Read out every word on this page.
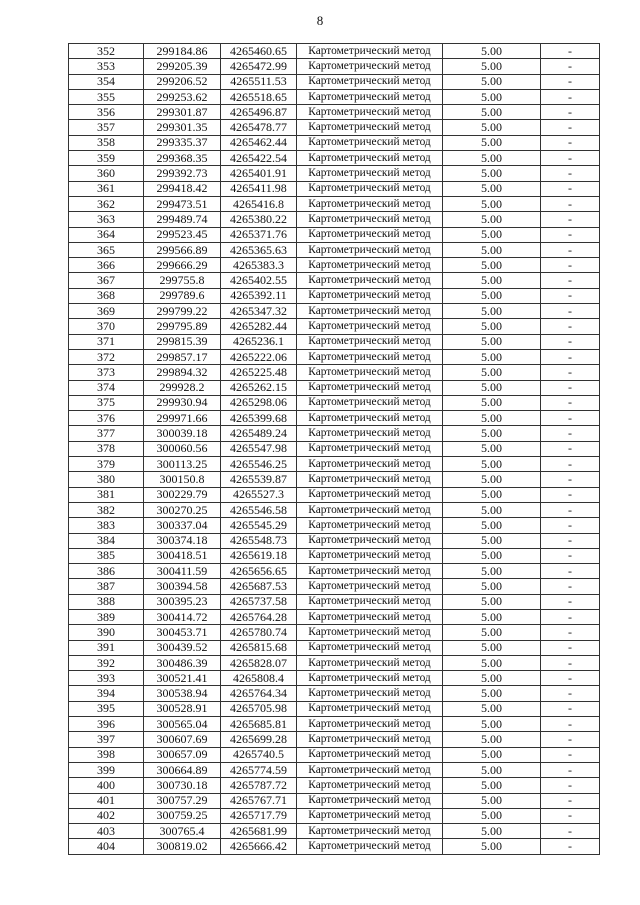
8
352	299184.86	4265460.65	Картометрический метод	5.00	-
353	299205.39	4265472.99	Картометрический метод	5.00	-
354	299206.52	4265511.53	Картометрический метод	5.00	-
355	299253.62	4265518.65	Картометрический метод	5.00	-
356	299301.87	4265496.87	Картометрический метод	5.00	-
357	299301.35	4265478.77	Картометрический метод	5.00	-
358	299335.37	4265462.44	Картометрический метод	5.00	-
359	299368.35	4265422.54	Картометрический метод	5.00	-
360	299392.73	4265401.91	Картометрический метод	5.00	-
361	299418.42	4265411.98	Картометрический метод	5.00	-
362	299473.51	4265416.8	Картометрический метод	5.00	-
363	299489.74	4265380.22	Картометрический метод	5.00	-
364	299523.45	4265371.76	Картометрический метод	5.00	-
365	299566.89	4265365.63	Картометрический метод	5.00	-
366	299666.29	4265383.3	Картометрический метод	5.00	-
367	299755.8	4265402.55	Картометрический метод	5.00	-
368	299789.6	4265392.11	Картометрический метод	5.00	-
369	299799.22	4265347.32	Картометрический метод	5.00	-
370	299795.89	4265282.44	Картометрический метод	5.00	-
371	299815.39	4265236.1	Картометрический метод	5.00	-
372	299857.17	4265222.06	Картометрический метод	5.00	-
373	299894.32	4265225.48	Картометрический метод	5.00	-
374	299928.2	4265262.15	Картометрический метод	5.00	-
375	299930.94	4265298.06	Картометрический метод	5.00	-
376	299971.66	4265399.68	Картометрический метод	5.00	-
377	300039.18	4265489.24	Картометрический метод	5.00	-
378	300060.56	4265547.98	Картометрический метод	5.00	-
379	300113.25	4265546.25	Картометрический метод	5.00	-
380	300150.8	4265539.87	Картометрический метод	5.00	-
381	300229.79	4265527.3	Картометрический метод	5.00	-
382	300270.25	4265546.58	Картометрический метод	5.00	-
383	300337.04	4265545.29	Картометрический метод	5.00	-
384	300374.18	4265548.73	Картометрический метод	5.00	-
385	300418.51	4265619.18	Картометрический метод	5.00	-
386	300411.59	4265656.65	Картометрический метод	5.00	-
387	300394.58	4265687.53	Картометрический метод	5.00	-
388	300395.23	4265737.58	Картометрический метод	5.00	-
389	300414.72	4265764.28	Картометрический метод	5.00	-
390	300453.71	4265780.74	Картометрический метод	5.00	-
391	300439.52	4265815.68	Картометрический метод	5.00	-
392	300486.39	4265828.07	Картометрический метод	5.00	-
393	300521.41	4265808.4	Картометрический метод	5.00	-
394	300538.94	4265764.34	Картометрический метод	5.00	-
395	300528.91	4265705.98	Картометрический метод	5.00	-
396	300565.04	4265685.81	Картометрический метод	5.00	-
397	300607.69	4265699.28	Картометрический метод	5.00	-
398	300657.09	4265740.5	Картометрический метод	5.00	-
399	300664.89	4265774.59	Картометрический метод	5.00	-
400	300730.18	4265787.72	Картометрический метод	5.00	-
401	300757.29	4265767.71	Картометрический метод	5.00	-
402	300759.25	4265717.79	Картометрический метод	5.00	-
403	300765.4	4265681.99	Картометрический метод	5.00	-
404	300819.02	4265666.42	Картометрический метод	5.00	-
